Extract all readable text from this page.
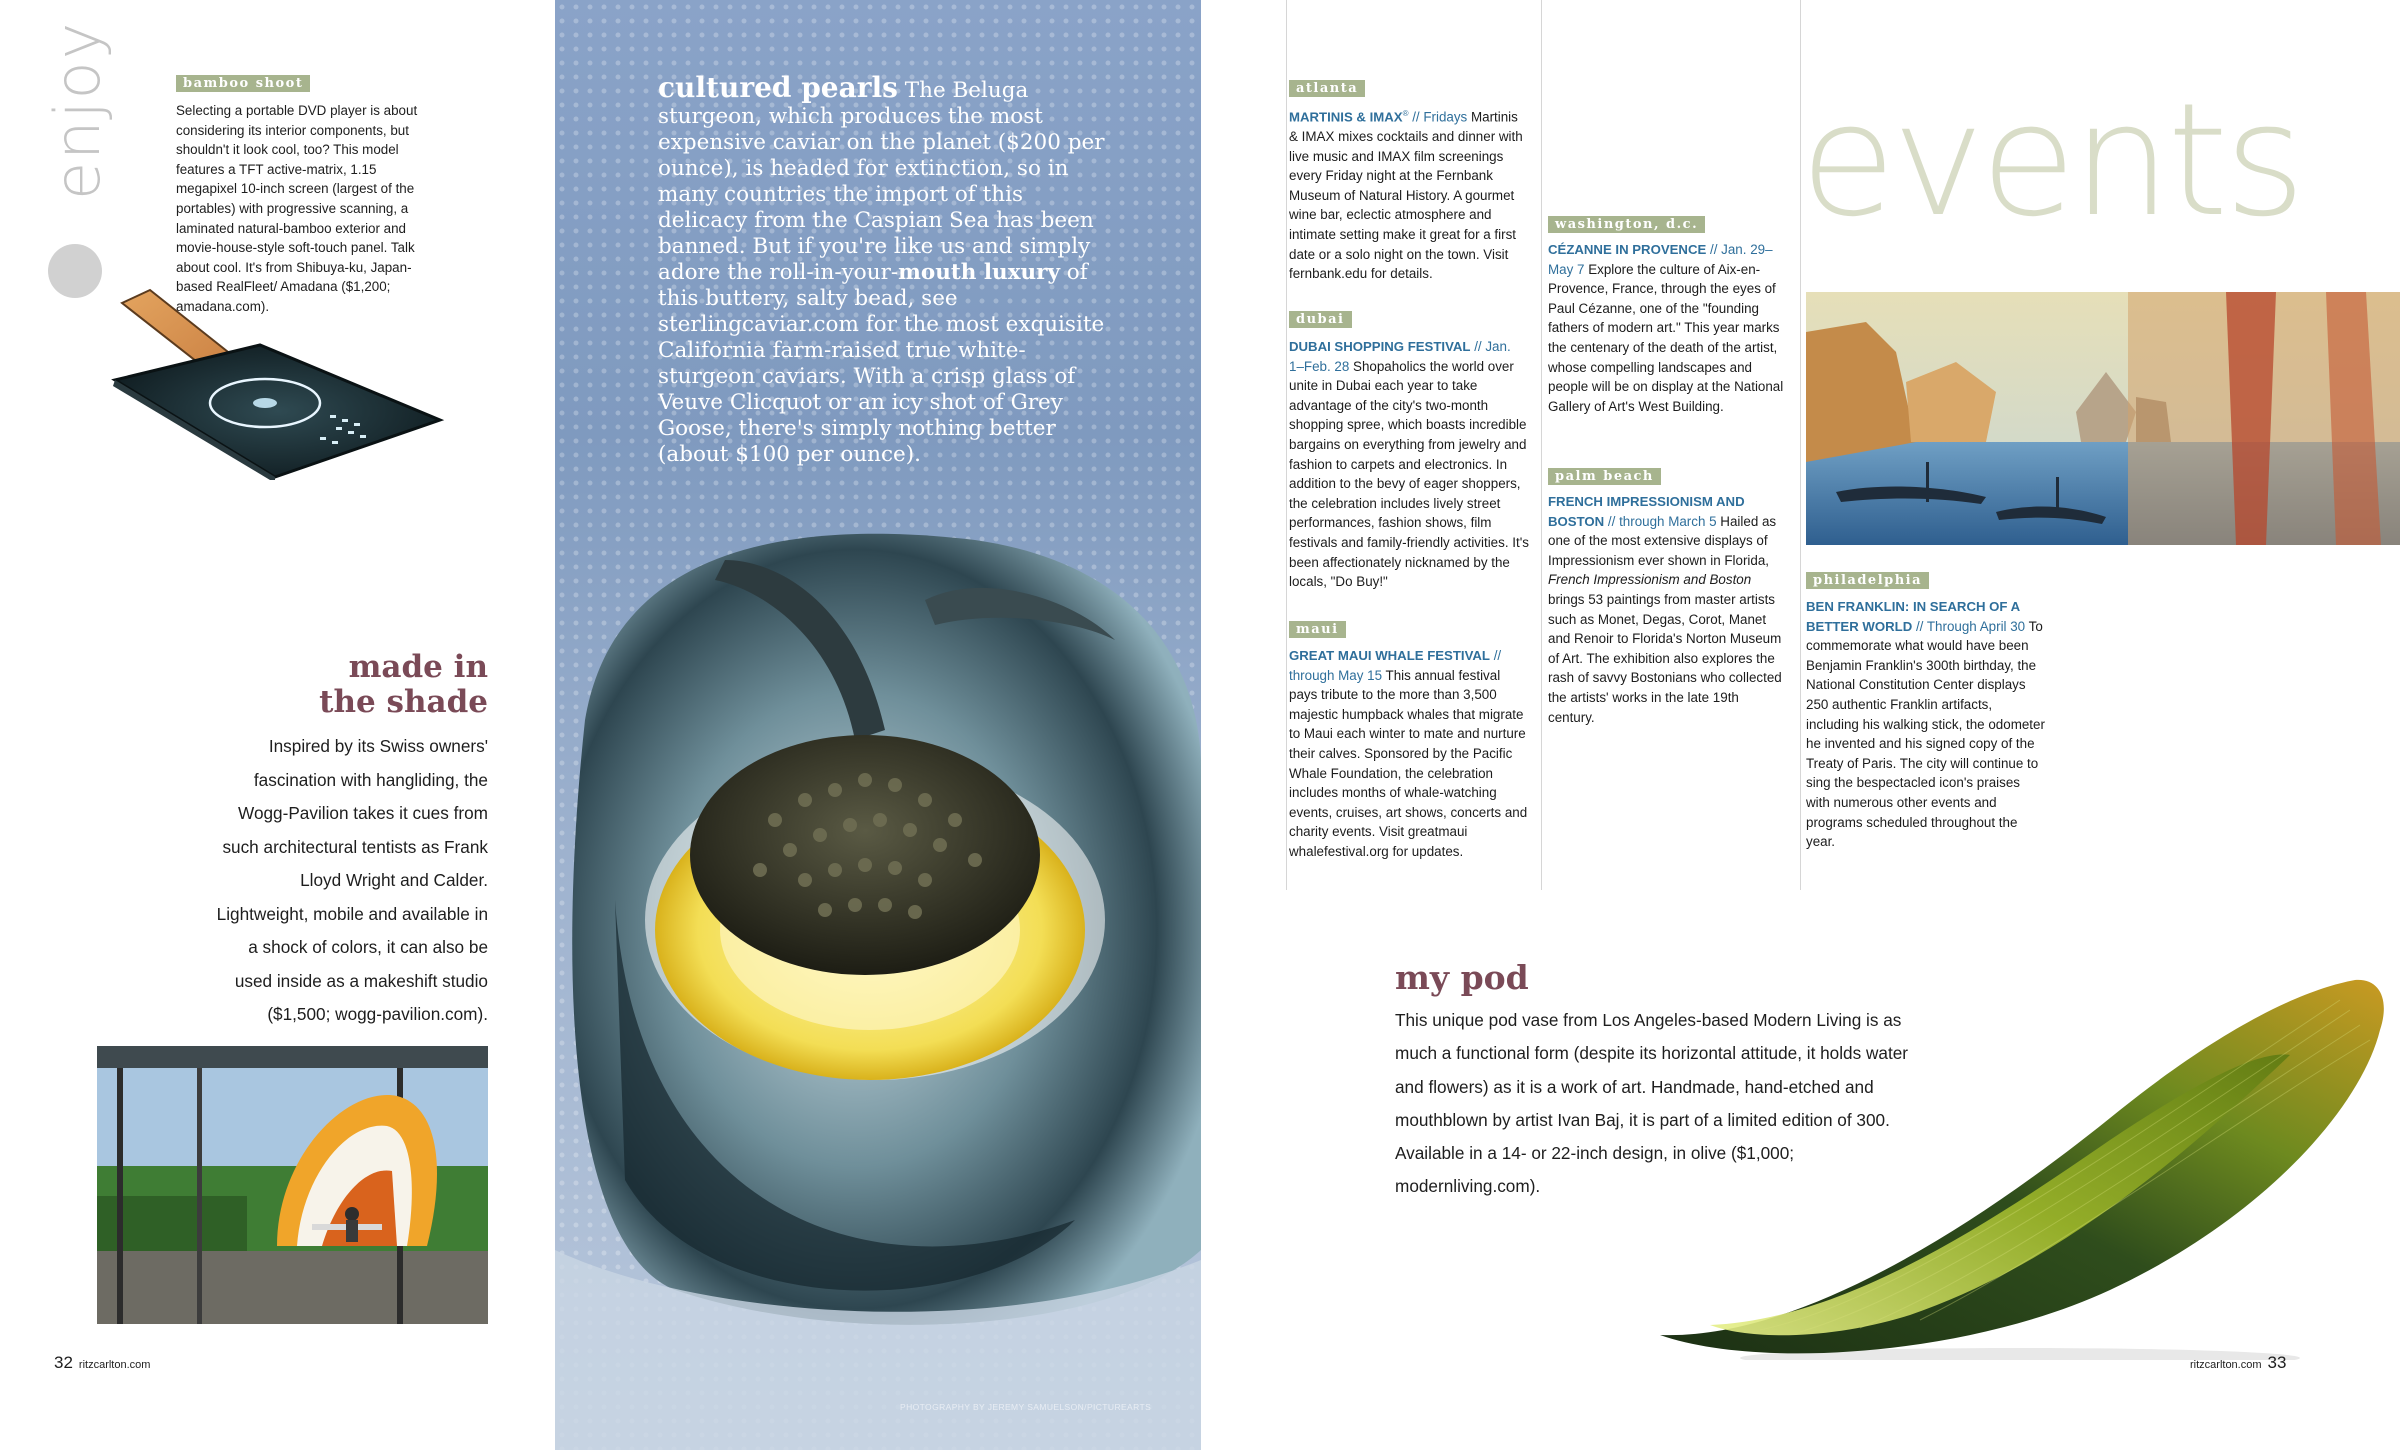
enjoy	bamboo shoot
Selecting a portable DVD player is about considering its interior components, but shouldn't it look cool, too? This model features a TFT active-matrix, 1.15 megapixel 10-inch screen (largest of the portables) with progressive scanning, a laminated natural-bamboo exterior and movie-house-style soft-touch panel. Talk about cool. It's from Shibuya-ku, Japan-based RealFleet/ Amadana ($1,200; amadana.com).
made in
the shade
Inspired by its Swiss owners' fascination with hangliding, the Wogg-Pavilion takes it cues from such architectural tentists as Frank Lloyd Wright and Calder. Lightweight, mobile and available in a shock of colors, it can also be used inside as a makeshift studio ($1,500; wogg-pavilion.com).
32 ritzcarlton.com
cultured pearls The Beluga sturgeon, which produces the most expensive caviar on the planet ($200 per ounce), is headed for extinction, so in many countries the import of this delicacy from the Caspian Sea has been banned. But if you're like us and simply adore the roll-in-your-mouth luxury of this buttery, salty bead, see sterlingcaviar.com for the most exquisite California farm-raised true white-sturgeon caviars. With a crisp glass of Veuve Clicquot or an icy shot of Grey Goose, there's simply nothing better (about $100 per ounce).
PHOTOGRAPHY BY JEREMY SAMUELSON/PICTUREARTS
events
atlanta

MARTINIS & IMAX® // Fridays Martinis & IMAX mixes cocktails and dinner with live music and IMAX film screenings every Friday night at the Fernbank Museum of Natural History. A gourmet wine bar, eclectic atmosphere and intimate setting make it great for a first date or a solo night on the town. Visit fernbank.edu for details.

dubai

DUBAI SHOPPING FESTIVAL // Jan. 1–Feb. 28 Shopaholics the world over unite in Dubai each year to take advantage of the city's two-month shopping spree, which boasts incredible bargains on everything from jewelry and fashion to carpets and electronics. In addition to the bevy of eager shoppers, the celebration includes lively street performances, fashion shows, film festivals and family-friendly activities. It's been affectionately nicknamed by the locals, "Do Buy!"

maui

GREAT MAUI WHALE FESTIVAL // through May 15 This annual festival pays tribute to the more than 3,500 majestic humpback whales that migrate to Maui each winter to mate and nurture their calves. Sponsored by the Pacific Whale Foundation, the celebration includes months of whale-watching events, cruises, art shows, concerts and charity events. Visit greatmaui whalefestival.org for updates.

washington, d.c.

CÉZANNE IN PROVENCE // Jan. 29–May 7 Explore the culture of Aix-en-Provence, France, through the eyes of Paul Cézanne, one of the "founding fathers of modern art." This year marks the centenary of the death of the artist, whose compelling landscapes and people will be on display at the National Gallery of Art's West Building.

palm beach

FRENCH IMPRESSIONISM AND BOSTON // through March 5 Hailed as one of the most extensive displays of Impressionism ever shown in Florida, French Impressionism and Boston brings 53 paintings from master artists such as Monet, Degas, Corot, Manet and Renoir to Florida's Norton Museum of Art. The exhibition also explores the rash of savvy Bostonians who collected the artists' works in the late 19th century.

philadelphia

BEN FRANKLIN: IN SEARCH OF A BETTER WORLD // Through April 30 To commemorate what would have been Benjamin Franklin's 300th birthday, the National Constitution Center displays 250 authentic Franklin artifacts, including his walking stick, the odometer he invented and his signed copy of the Treaty of Paris. The city will continue to sing the bespectacled icon's praises with numerous other events and programs scheduled throughout the year.

my pod
This unique pod vase from Los Angeles-based Modern Living is as much a functional form (despite its horizontal attitude, it holds water and flowers) as it is a work of art. Handmade, hand-etched and mouthblown by artist Ivan Baj, it is part of a limited edition of 300. Available in a 14- or 22-inch design, in olive ($1,000; modernliving.com).
ritzcarlton.com 33
